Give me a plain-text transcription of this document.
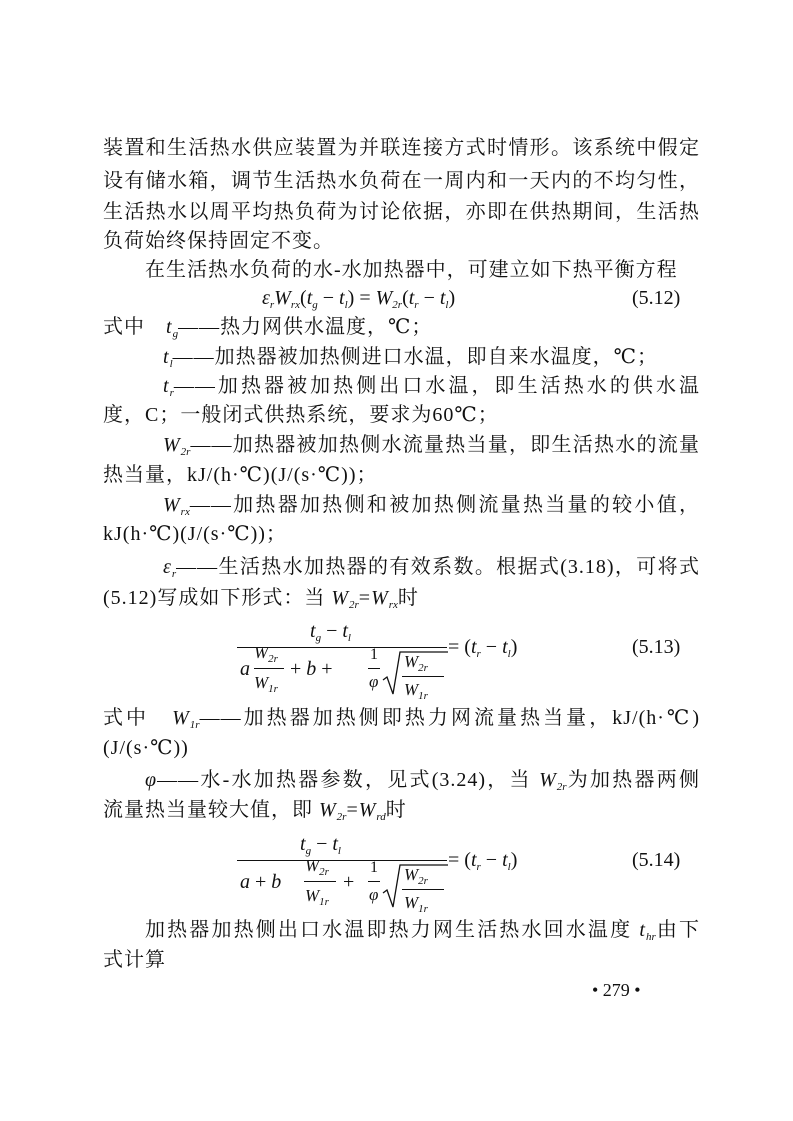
装置和生活热水供应装置为并联连接方式时情形。该系统中假定
设有储水箱，调节生活热水负荷在一周内和一天内的不均匀性，
生活热水以周平均热负荷为讨论依据，亦即在供热期间，生活热
负荷始终保持固定不变。
在生活热水负荷的水-水加热器中，可建立如下热平衡方程
$\varepsilon_rW_{rx}(t_g - t_l) = W_{2r}(t_r - t_l)$	(5.12)
式中　$t_g——$热力网供水温度，℃；
$t_l——$加热器被加热侧进口水温，即自来水温度，℃；
$t_r——$加热器被加热侧出口水温，即生活热水的供水温
度，C；一般闭式供热系统，要求为60℃；
$W_{2r}——$加热器被加热侧水流量热当量，即生活热水的流量
热当量，kJ/(h·℃)(J/(s·℃))；
$W_{rx}——$加热器加热侧和被加热侧流量热当量的较小值，
kJ(h·℃)(J/(s·℃))；
$\varepsilon_r——$生活热水加热器的有效系数。根据式(3.18)，可将式
(5.12)写成如下形式：当 $W_{2r}=W_{rx}$时
$t_g - t_l$
a
$W_{2r}$
$W_{1r}$
+ b +
1
φ
$W_{2r}$
$W_{1r}$
= $(t_r - t_l)$	(5.13)
式中　$W_{1r}——$加热器加热侧即热力网流量热当量，kJ/(h·℃)
(J/(s·℃))
φ——水-水加热器参数，见式(3.24)，当 $W_{2r}$为加热器两侧
流量热当量较大值，即 $W_{2r}=W_{rd}$时
$t_g - t_l$
a + b
$W_{2r}$
$W_{1r}$
+
1
φ
$W_{2r}$
$W_{1r}$
= $(t_r - t_l)$	(5.14)
加热器加热侧出口水温即热力网生活热水回水温度 $t_{hr}$由下
式计算
• 279 •
